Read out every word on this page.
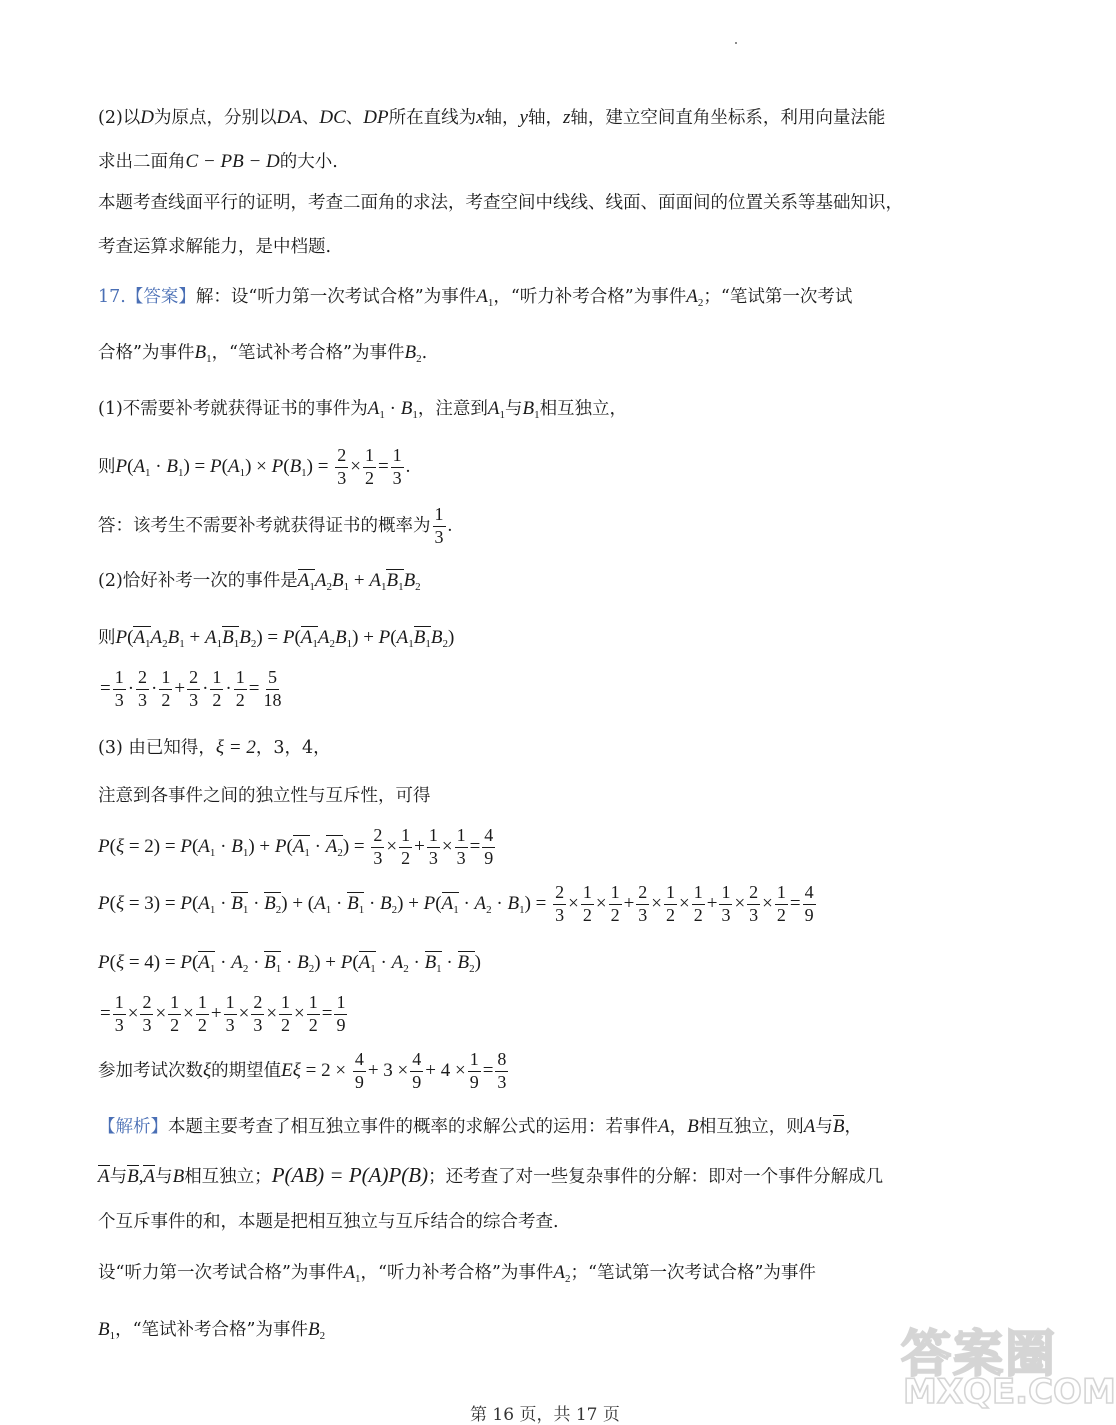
(2)以D为原点，分别以DA、DC、DP所在直线为x轴，y轴，z轴，建立空间直角坐标系，利用向量法能
求出二面角C − PB − D的大小.
本题考查线面平行的证明，考查二面角的求法，考查空间中线线、线面、面面间的位置关系等基础知识，
考查运算求解能力，是中档题.
17.【答案】解：设“听力第一次考试合格”为事件$A_1$，“听力补考合格”为事件$A_2$；“笔试第一次考试
合格”为事件$B_1$，“笔试补考合格”为事件$B_2$.
(1)不需要补考就获得证书的事件为$A_1 \cdot B_1$，注意到$A_1$与$B_1$相互独立，
则$P(A_1 \cdot B_1) = P(A_1) \times P(B_1) = \frac{2}{3} \times \frac{1}{2} = \frac{1}{3}$ .
答：该考生不需要补考就获得证书的概率为 $\frac{1}{3}$ .
(2)恰好补考一次的事件是$A_1A_2B_1 + A_1B_1B_2$
则$P(A_1A_2B_1 + A_1B_1B_2) = P(A_1A_2B_1) + P(A_1B_1B_2)$
= $\frac{1}{3} \cdot \frac{2}{3} \cdot \frac{1}{2} + \frac{2}{3} \cdot \frac{1}{2} \cdot \frac{1}{2} = \frac{5}{18}$
(3) 由已知得，ξ = 2，3，4，
注意到各事件之间的独立性与互斥性，可得
$P(\xi = 2) = P(A_1 \cdot B_1) + P(A_1 \cdot A_2) = \frac{2}{3} \times \frac{1}{2} + \frac{1}{3} \times \frac{1}{3} = \frac{4}{9}$
$P(\xi = 3) = P(A_1 \cdot B_1 \cdot B_2) + (A_1 \cdot B_1 \cdot B_2) + P(A_1 \cdot A_2 \cdot B_1) = \frac{2}{3} \times \frac{1}{2} \times \frac{1}{2} + \frac{2}{3} \times \frac{1}{2} \times \frac{1}{2} + \frac{1}{3} \times \frac{2}{3} \times \frac{1}{2} = \frac{4}{9}$
$P(\xi = 4) = P(A_1 \cdot A_2 \cdot B_1 \cdot B_2) + P(A_1 \cdot A_2 \cdot B_1 \cdot B_2)$
= $\frac{1}{3} \times \frac{2}{3} \times \frac{1}{2} \times \frac{1}{2} + \frac{1}{3} \times \frac{2}{3} \times \frac{1}{2} \times \frac{1}{2} = \frac{1}{9}$
参加考试次数ξ的期望值$E\xi = 2 \times \frac{4}{9} + 3 \times \frac{4}{9} + 4 \times \frac{1}{9} = \frac{8}{3}$
【解析】本题主要考查了相互独立事件的概率的求解公式的运用：若事件A，B相互独立，则A与B，
A与B,A与B相互独立；P(AB) = P(A)P(B)；还考查了对一些复杂事件的分解：即对一个事件分解成几
个互斥事件的和，本题是把相互独立与互斥结合的综合考查.
设“听力第一次考试合格”为事件$A_1$，“听力补考合格”为事件$A_2$；“笔试第一次考试合格”为事件
$B_1$，“笔试补考合格”为事件$B_2$	答案圈
MXQE.COM
第 16 页，共 17 页
